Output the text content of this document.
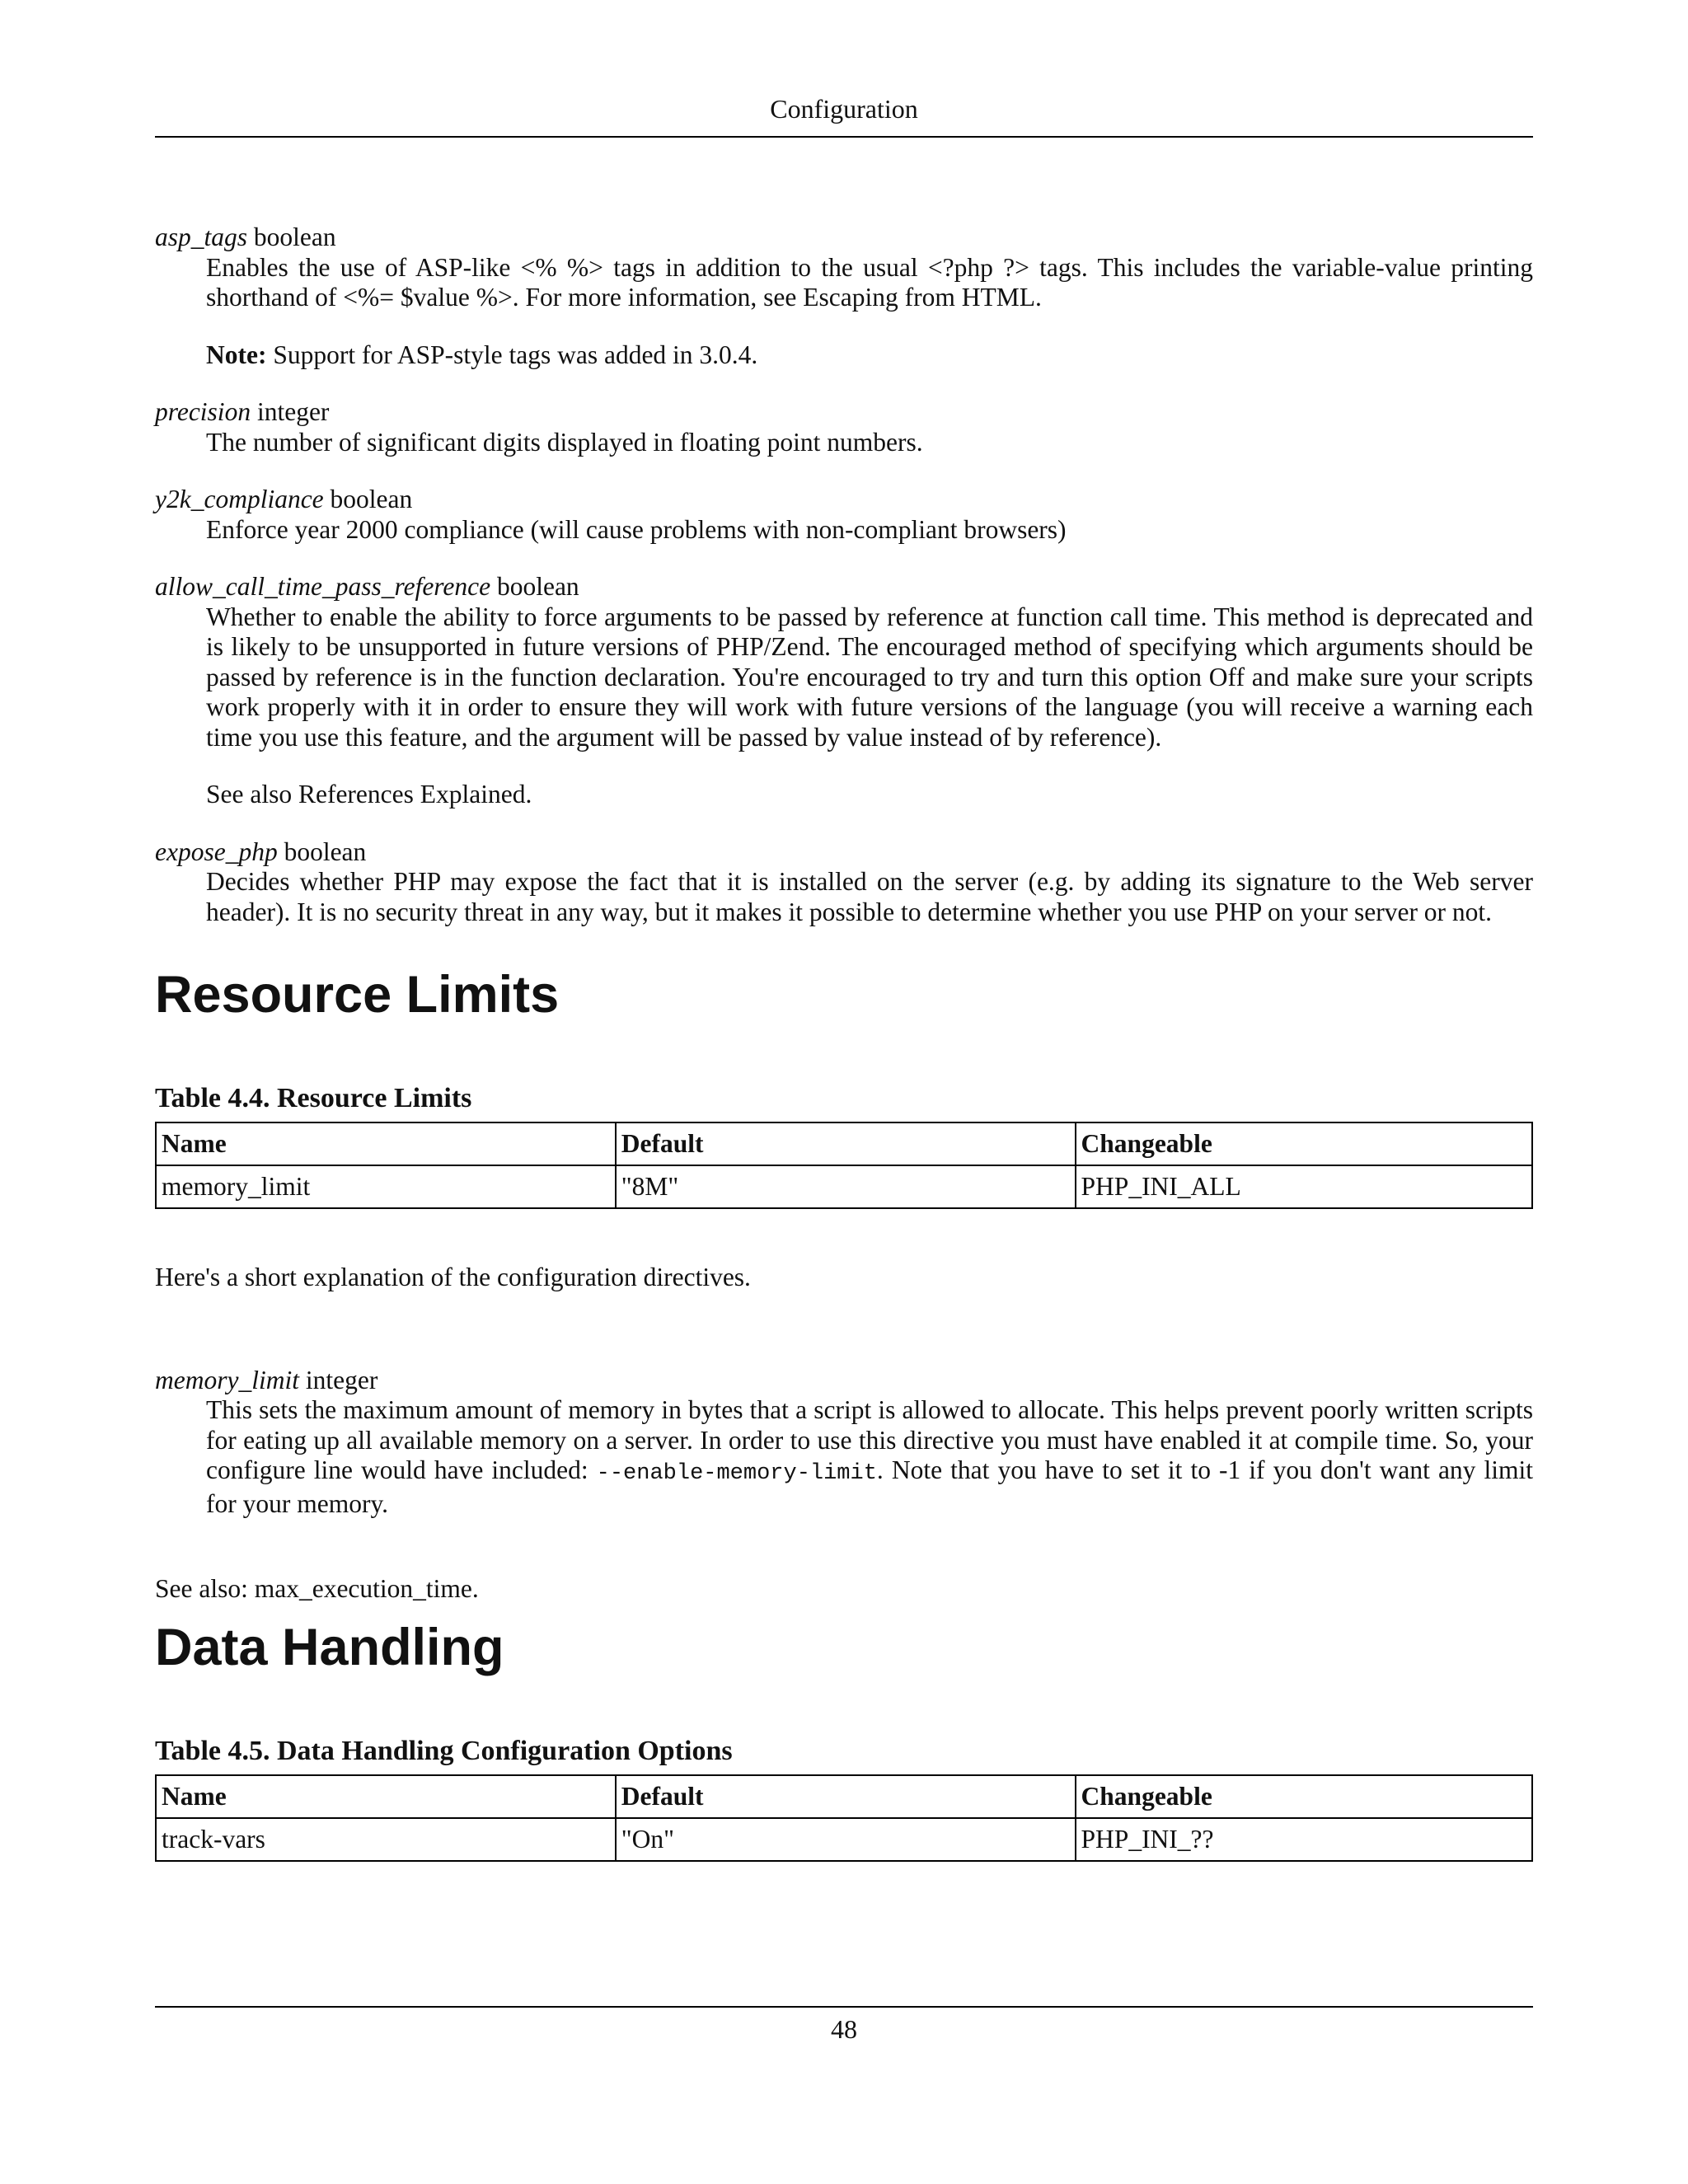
Configuration
asp_tags boolean

Enables the use of ASP-like <% %> tags in addition to the usual <?php ?> tags. This includes the variable-value printing shorthand of <%= $value %>. For more information, see Escaping from HTML.

Note: Support for ASP-style tags was added in 3.0.4.

precision integer

The number of significant digits displayed in floating point numbers.

y2k_compliance boolean

Enforce year 2000 compliance (will cause problems with non-compliant browsers)

allow_call_time_pass_reference boolean

Whether to enable the ability to force arguments to be passed by reference at function call time. This method is deprecated and is likely to be unsupported in future versions of PHP/Zend. The encouraged method of specifying which arguments should be passed by reference is in the function declaration. You're encouraged to try and turn this option Off and make sure your scripts work properly with it in order to ensure they will work with future versions of the language (you will receive a warning each time you use this feature, and the argument will be passed by value instead of by reference).

See also References Explained.

expose_php boolean

Decides whether PHP may expose the fact that it is installed on the server (e.g. by adding its signature to the Web server header). It is no security threat in any way, but it makes it possible to determine whether you use PHP on your server or not.

Resource Limits
Table 4.4. Resource Limits
Name	Default	Changeable
memory_limit	"8M"	PHP_INI_ALL

Here's a short explanation of the configuration directives.

memory_limit integer

This sets the maximum amount of memory in bytes that a script is allowed to allocate. This helps prevent poorly written scripts for eating up all available memory on a server. In order to use this directive you must have enabled it at compile time. So, your configure line would have included: --enable-memory-limit. Note that you have to set it to -1 if you don't want any limit for your memory.

See also: max_execution_time.

Data Handling
Table 4.5. Data Handling Configuration Options
Name	Default	Changeable
track-vars	"On"	PHP_INI_??
48
